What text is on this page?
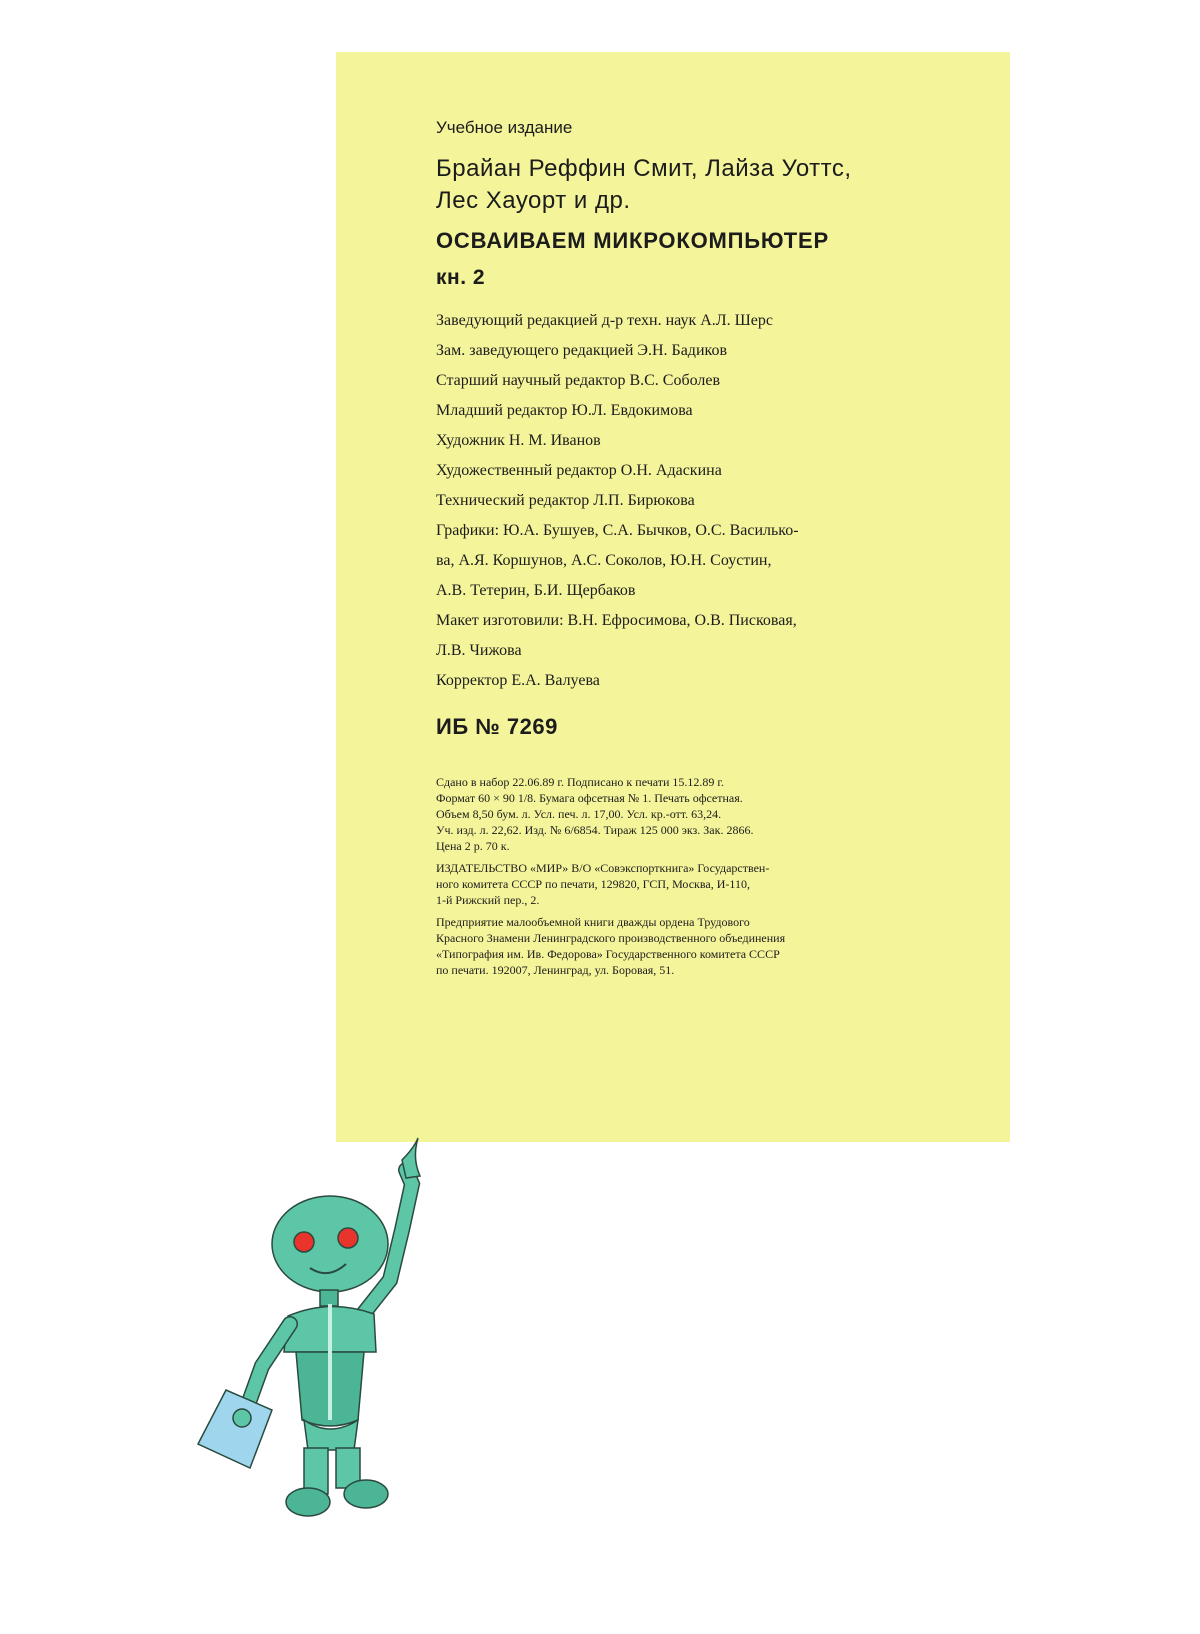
Учебное издание
Брайан Реффин Смит, Лайза Уоттс,
Лес Хауорт и др.
ОСВАИВАЕМ МИКРОКОМПЬЮТЕР
кн. 2
Заведующий редакцией д-р техн. наук А.Л. Шерс
Зам. заведующего редакцией Э.Н. Бадиков
Старший научный редактор В.С. Соболев
Младший редактор Ю.Л. Евдокимова
Художник Н. М. Иванов
Художественный редактор О.Н. Адаскина
Технический редактор Л.П. Бирюкова
Графики: Ю.А. Бушуев, С.А. Бычков, О.С. Василько-
ва, А.Я. Коршунов, А.С. Соколов, Ю.Н. Соустин,
А.В. Тетерин, Б.И. Щербаков
Макет изготовили: В.Н. Ефросимова, О.В. Писковая,
Л.В. Чижова
Корректор Е.А. Валуева
ИБ № 7269

Сдано в набор 22.06.89 г. Подписано к печати 15.12.89 г.
Формат 60 × 90 1/8. Бумага офсетная № 1. Печать офсетная.
Объем 8,50 бум. л. Усл. печ. л. 17,00. Усл. кр.-отт. 63,24.
Уч. изд. л. 22,62. Изд. № 6/6854. Тираж 125 000 экз. Зак. 2866.
Цена 2 р. 70 к.

ИЗДАТЕЛЬСТВО «МИР» В/О «Совэкспорткнига» Государствен-
ного комитета СССР по печати, 129820, ГСП, Москва, И-110,
1-й Рижский пер., 2.

Предприятие малообъемной книги дважды ордена Трудового
Красного Знамени Ленинградского производственного объединения
«Типография им. Ив. Федорова» Государственного комитета СССР
по печати. 192007, Ленинград, ул. Боровая, 51.
